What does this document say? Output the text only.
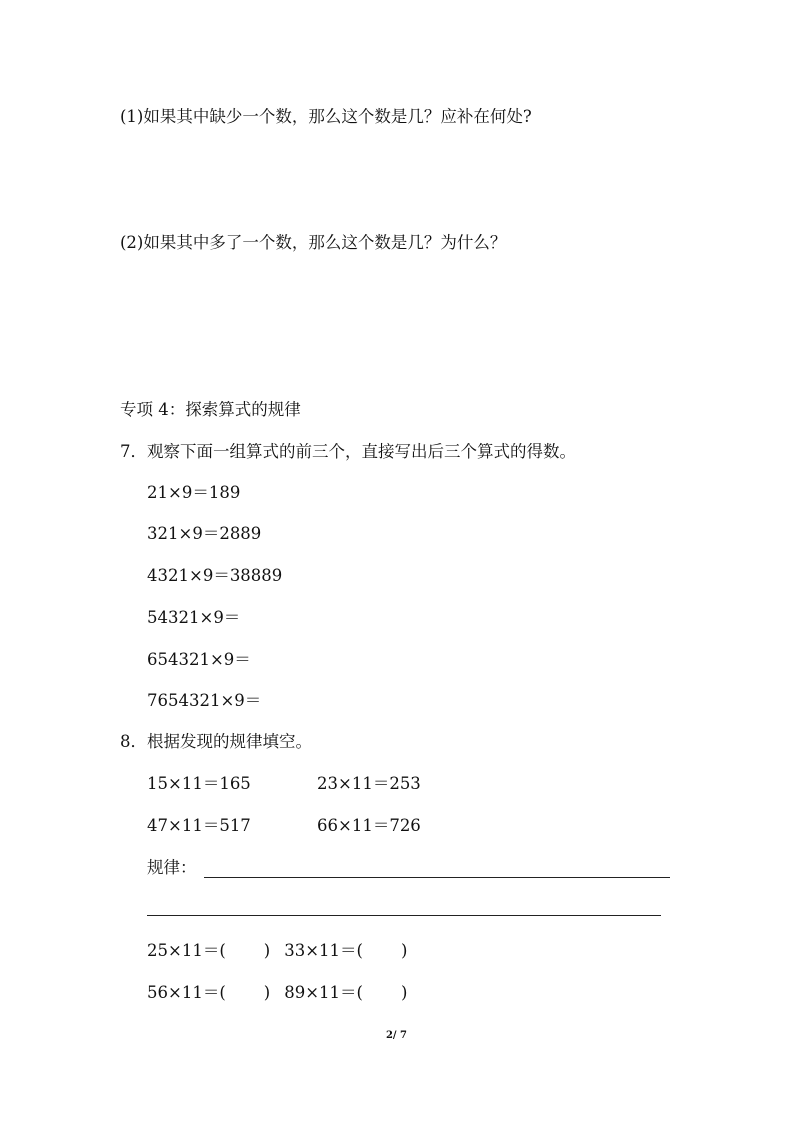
(1)如果其中缺少一个数，那么这个数是几？应补在何处?
(2)如果其中多了一个数，那么这个数是几？为什么？
专项 4：探索算式的规律
7．观察下面一组算式的前三个，直接写出后三个算式的得数。
21×9＝189
321×9＝2889
4321×9＝38889
54321×9＝
654321×9＝
7654321×9＝
8．根据发现的规律填空。
15×11＝165	23×11＝253
47×11＝517	66×11＝726
规律：
25×11＝( ) 33×11＝( )
56×11＝( ) 89×11＝( )
2/ 7
